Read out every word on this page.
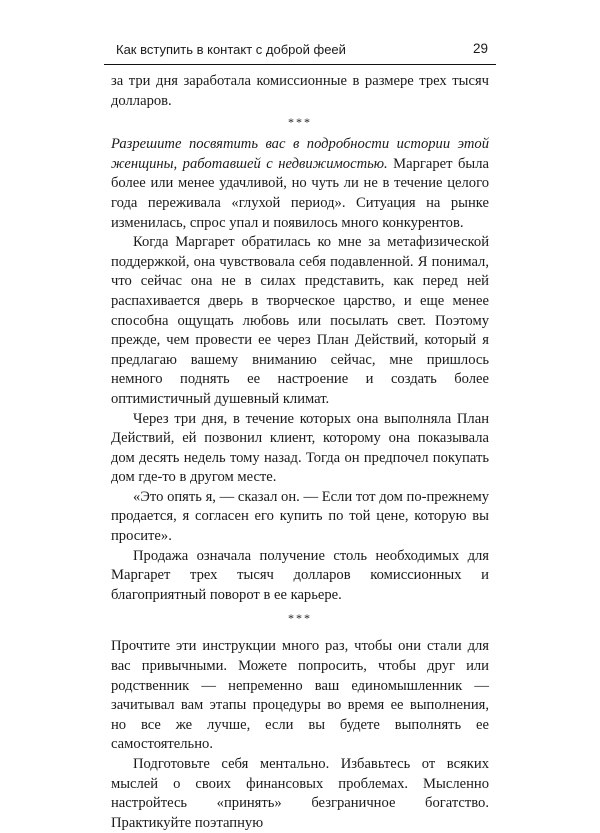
Как вступить в контакт с доброй феей	29

за три дня заработала комиссионные в размере трех тысяч долларов.

***

Разрешите посвятить вас в подробности истории этой женщины, работавшей с недвижимостью. Маргарет была более или менее удачливой, но чуть ли не в течение целого года переживала «глухой период». Ситуация на рынке изменилась, спрос упал и появилось много конкурентов.

Когда Маргарет обратилась ко мне за метафизической поддержкой, она чувствовала себя подавленной. Я понимал, что сейчас она не в силах представить, как перед ней распахивается дверь в творческое царство, и еще менее способна ощущать любовь или посылать свет. Поэтому прежде, чем провести ее через План Действий, который я предлагаю вашему вниманию сейчас, мне пришлось немного поднять ее настроение и создать более оптимистичный душевный климат.

Через три дня, в течение которых она выполняла План Действий, ей позвонил клиент, которому она показывала дом десять недель тому назад. Тогда он предпочел покупать дом где-то в другом месте.

«Это опять я, — сказал он. — Если тот дом по-прежнему продается, я согласен его купить по той цене, которую вы просите».

Продажа означала получение столь необходимых для Маргарет трех тысяч долларов комиссионных и благоприятный поворот в ее карьере.

***

Прочтите эти инструкции много раз, чтобы они стали для вас привычными. Можете попросить, чтобы друг или родственник — непременно ваш единомышленник — зачитывал вам этапы процедуры во время ее выполнения, но все же лучше, если вы будете выполнять ее самостоятельно.

Подготовьте себя ментально. Избавьтесь от всяких мыслей о своих финансовых проблемах. Мысленно настройтесь «принять» безграничное богатство. Практикуйте поэтапную
